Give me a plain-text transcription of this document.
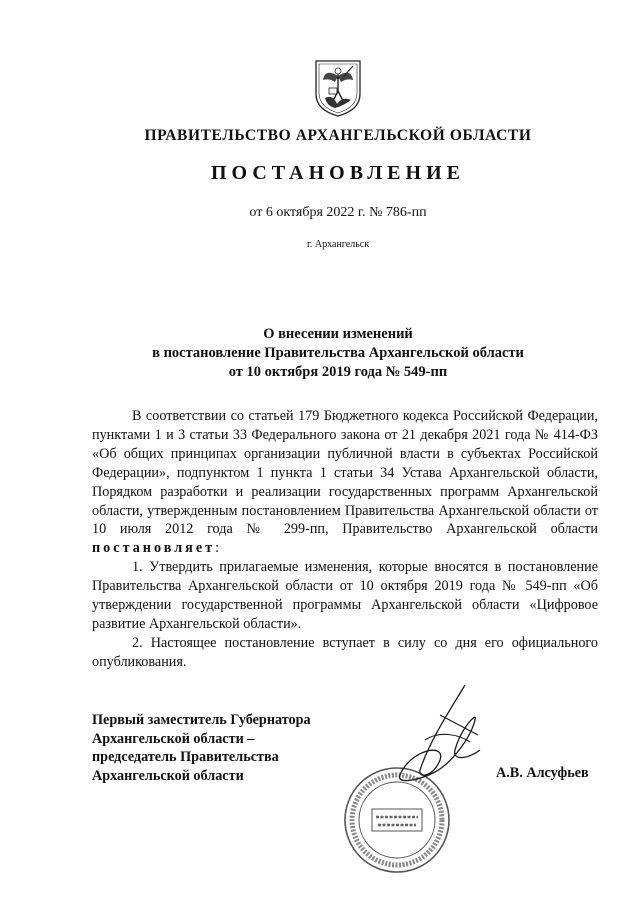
ПРАВИТЕЛЬСТВО АРХАНГЕЛЬСКОЙ ОБЛАСТИ
ПОСТАНОВЛЕНИЕ
от 6 октября 2022 г. № 786-пп
г. Архангельск
О внесении изменений
в постановление Правительства Архангельской области
от 10 октября 2019 года № 549-пп

В соответствии со статьей 179 Бюджетного кодекса Российской Федерации, пунктами 1 и 3 статьи 33 Федерального закона от 21 декабря 2021 года № 414-ФЗ «Об общих принципах организации публичной власти в субъектах Российской Федерации», подпунктом 1 пункта 1 статьи 34 Устава Архангельской области, Порядком разработки и реализации государственных программ Архангельской области, утвержденным постановлением Правительства Архангельской области от 10 июля 2012 года № 299-пп, Правительство Архангельской области постановляет:

1. Утвердить прилагаемые изменения, которые вносятся в постановление Правительства Архангельской области от 10 октября 2019 года № 549-пп «Об утверждении государственной программы Архангельской области «Цифровое развитие Архангельской области».

2. Настоящее постановление вступает в силу со дня его официального опубликования.

Первый заместитель Губернатора
Архангельской области –
председатель Правительства
Архангельской области	А.В. Алсуфьев
